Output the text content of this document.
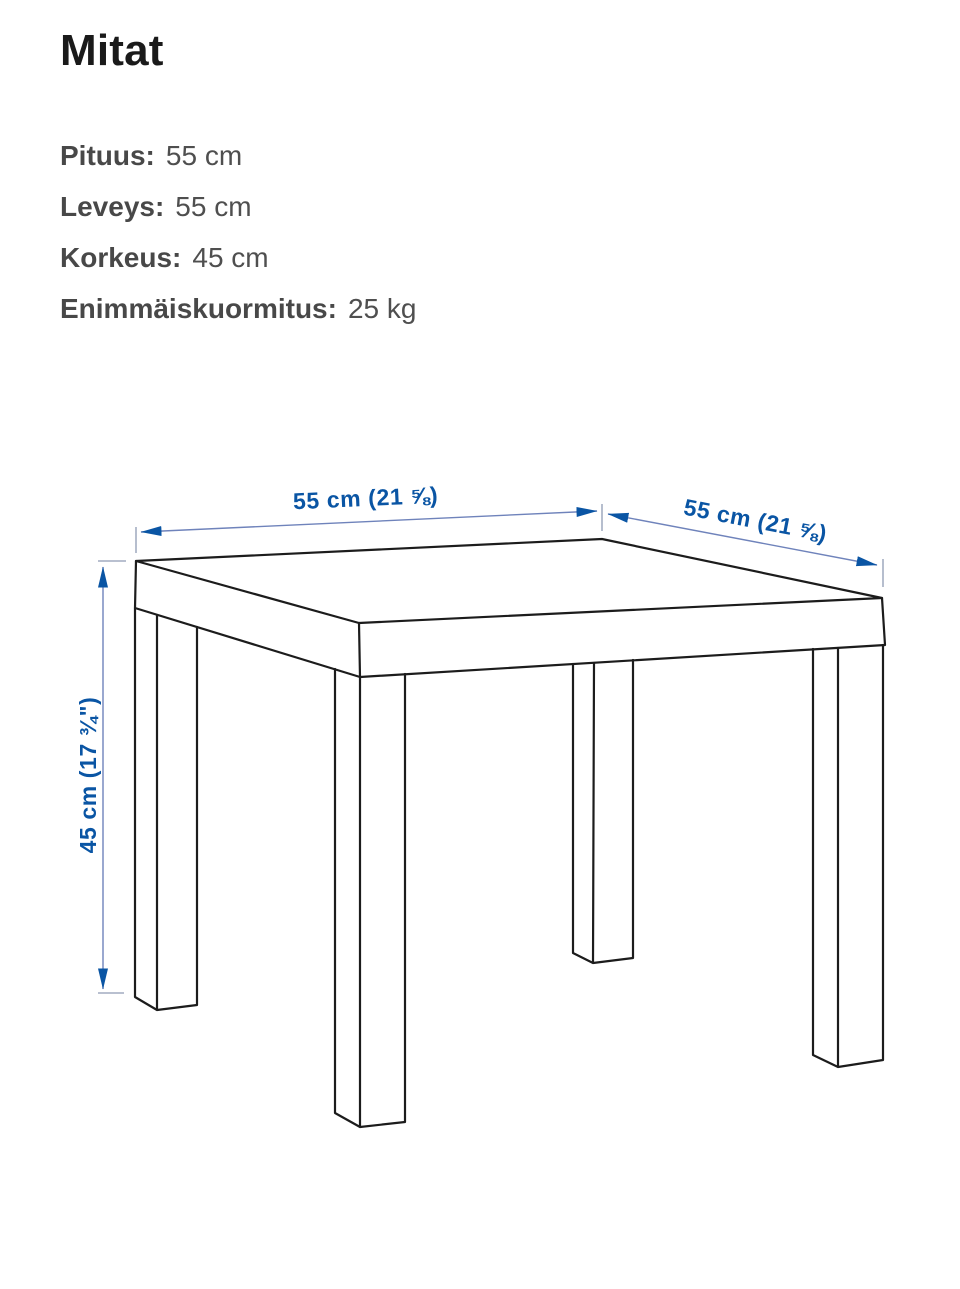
Mitat
Pituus: 55 cm
Leveys: 55 cm
Korkeus: 45 cm
Enimmäiskuormitus: 25 kg
55 cm (21 ⅝)	55 cm (21 ⅝)
45 cm (17 ¾")
